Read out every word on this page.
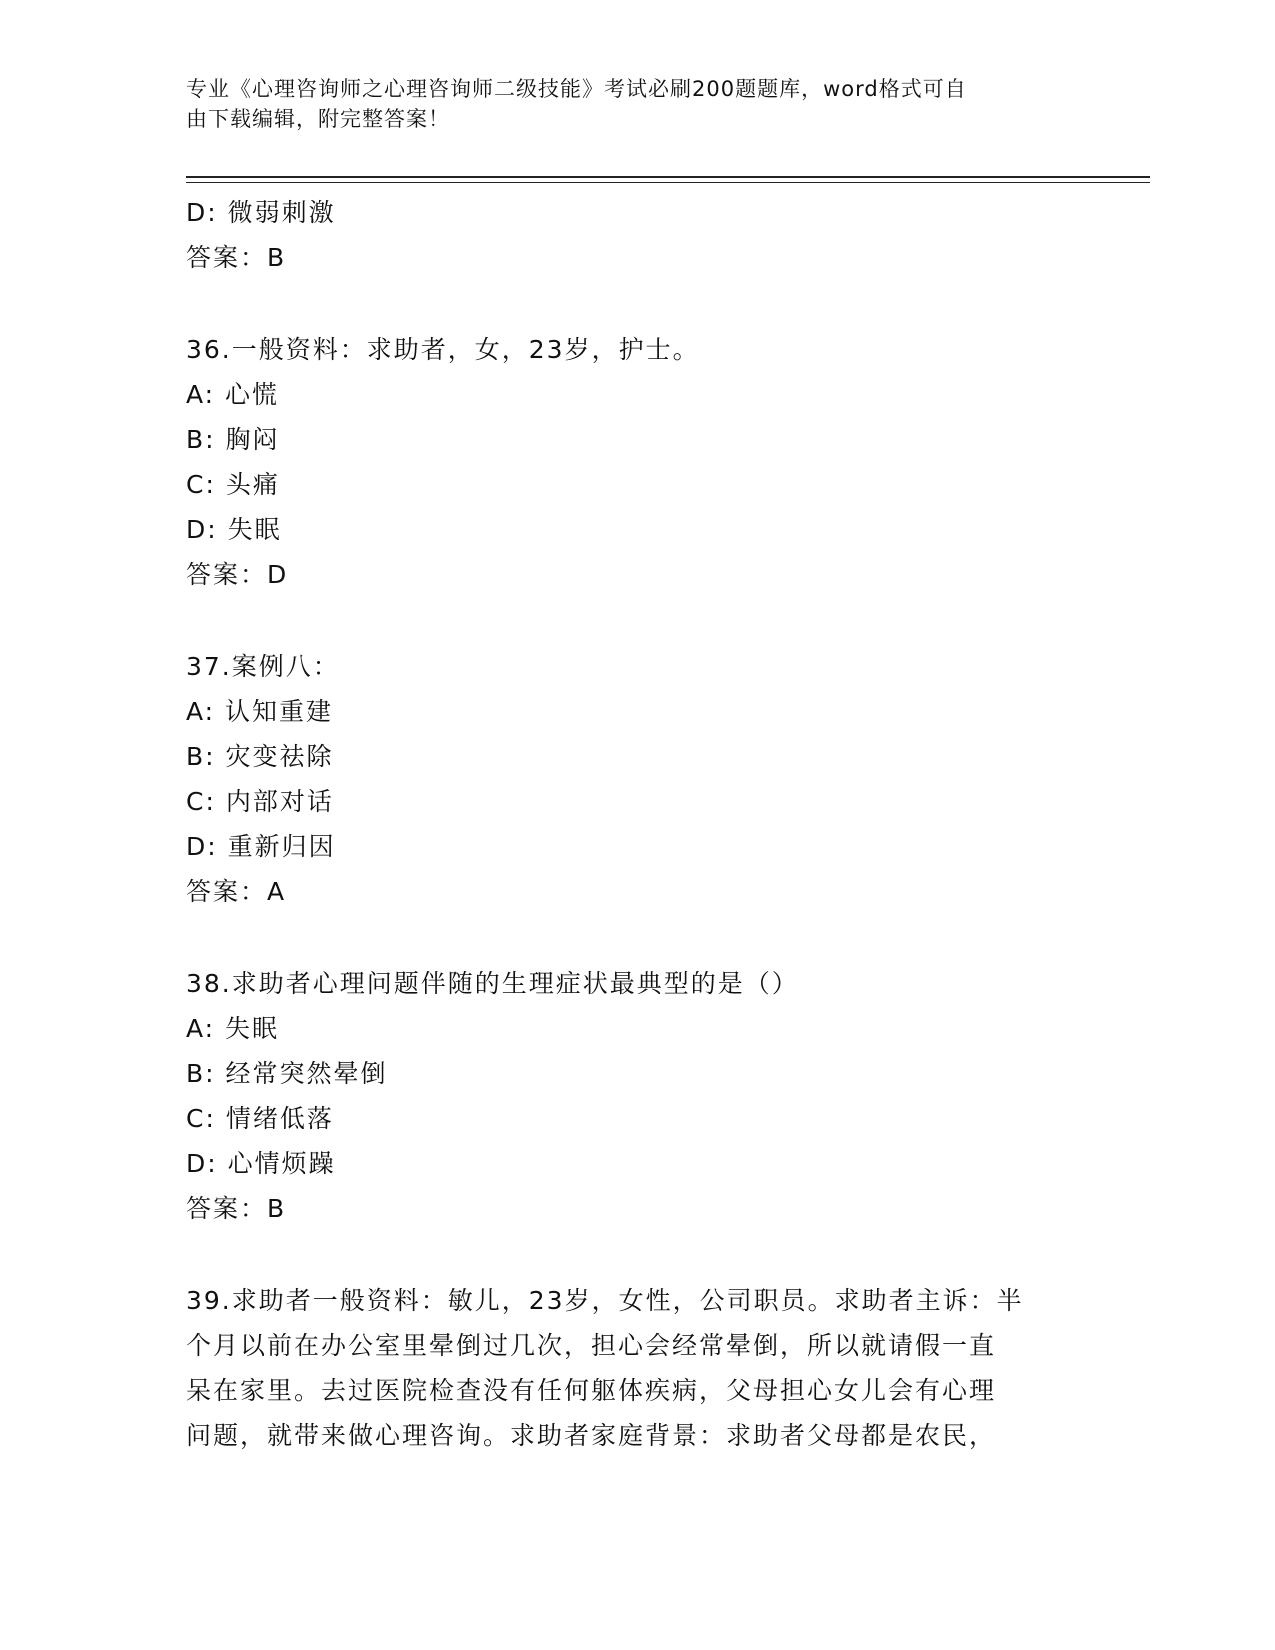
专业《心理咨询师之心理咨询师二级技能》考试必刷200题题库，word格式可自
由下载编辑，附完整答案！
D: 微弱刺激
答案：B
36.一般资料：求助者，女，23岁，护士。
A: 心慌
B: 胸闷
C: 头痛
D: 失眠
答案：D
37.案例八：
A: 认知重建
B: 灾变祛除
C: 内部对话
D: 重新归因
答案：A
38.求助者心理问题伴随的生理症状最典型的是（）
A: 失眠
B: 经常突然晕倒
C: 情绪低落
D: 心情烦躁
答案：B
39.求助者一般资料：敏儿，23岁，女性，公司职员。求助者主诉：半
个月以前在办公室里晕倒过几次，担心会经常晕倒，所以就请假一直
呆在家里。去过医院检查没有任何躯体疾病，父母担心女儿会有心理
问题，就带来做心理咨询。求助者家庭背景：求助者父母都是农民，
